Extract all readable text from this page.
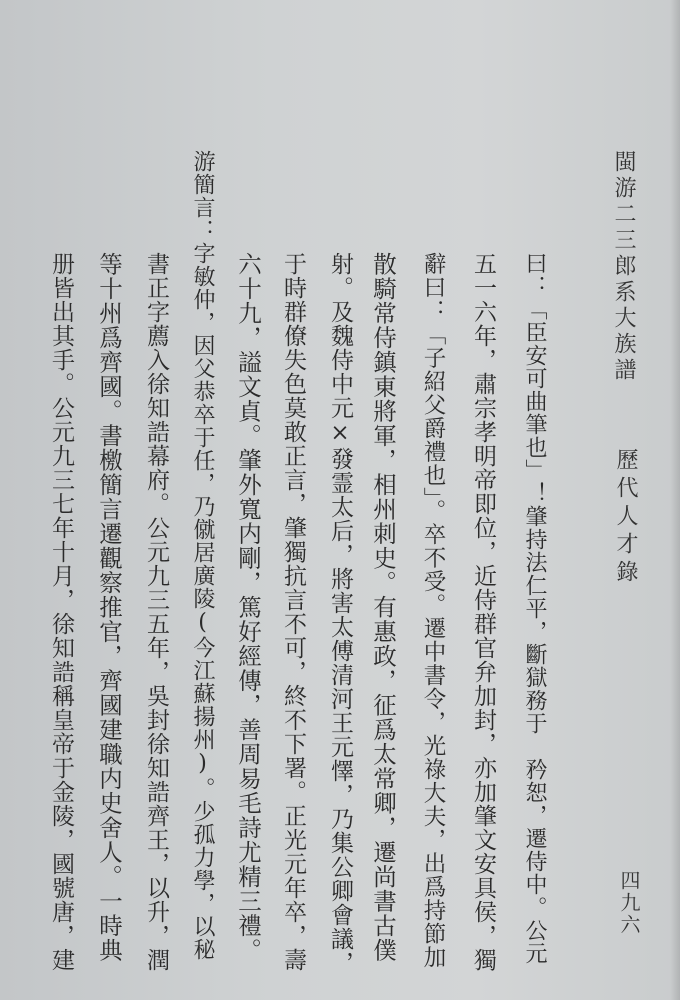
閩游二三郎系大族譜
歷代人才錄
四九六
曰：「臣安可曲筆也」！肇持法仁平，斷獄務于　矜恕，遷侍中。公元
五一六年，肅宗孝明帝即位，近侍群官弁加封，亦加肇文安具侯，獨
辭曰：「子紹父爵禮也」。卒不受。遷中書令，光祿大夫，出爲持節加
散騎常侍鎮東將軍，相州刺史。有惠政，征爲太常卿，遷尚書古僕
射。及魏侍中元×發霊太后，將害太傅清河王元懌，乃集公卿會議，
于時群僚失色莫敢正言，肇獨抗言不可，終不下署。正光元年卒，壽
六十九，謚文貞。肇外寬内剛，篤好經傳，善周易毛詩尤精三禮。
游簡言：字敏仲，因父恭卒于任，乃僦居廣陵(今江蘇揚州)。少孤力學，以秘
書正字薦入徐知誥幕府。公元九三五年，吳封徐知誥齊王，以升，潤
等十州爲齊國。書檄簡言遷觀察推官，齊國建職内史舍人。一時典
册皆出其手。公元九三七年十月，徐知誥稱皇帝于金陵，國號唐，建
